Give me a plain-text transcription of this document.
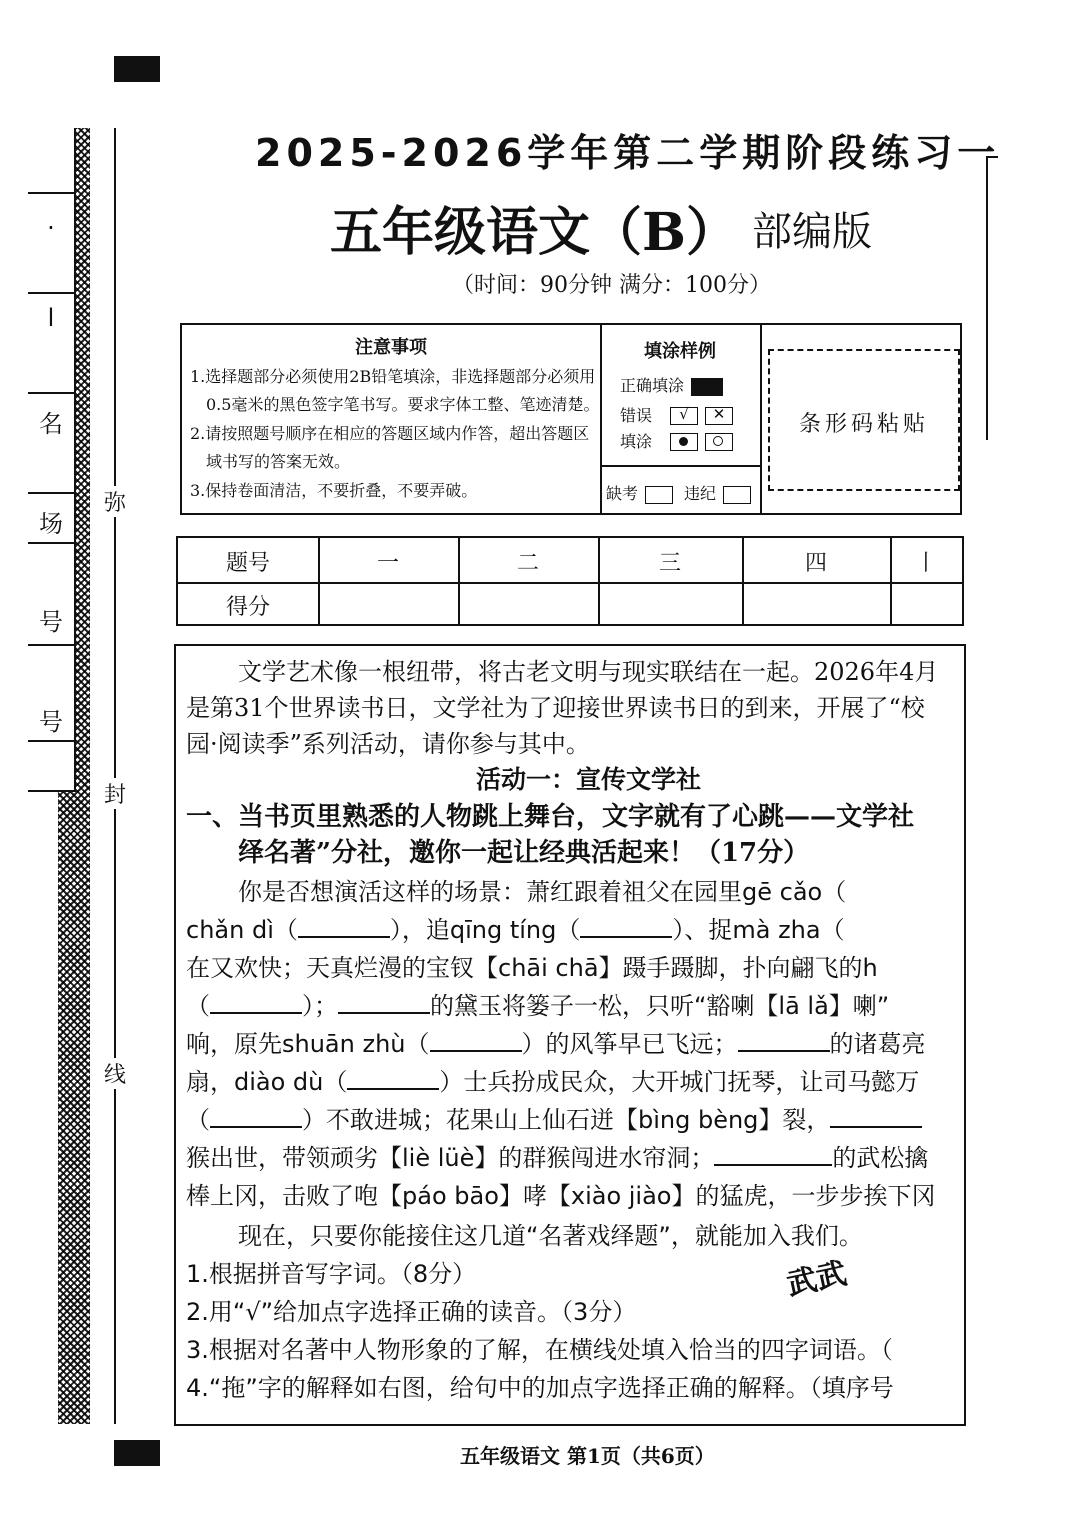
·
l
名
场
号
号
弥
封
线
2025-2026学年第二学期阶段练习一
五年级语文（B） 部编版
（时间：90分钟 满分：100分）
注意事项
1.选择题部分必须使用2B铅笔填涂，非选择题部分必须用
0.5毫米的黑色签字笔书写。要求字体工整、笔迹清楚。
2.请按照题号顺序在相应的答题区域内作答，超出答题区
域书写的答案无效。
3.保持卷面清洁，不要折叠，不要弄破。
填涂样例
正确填涂
错误
填涂
√
	✕

缺考	违纪
条形码粘贴
题号	一	二	三	四	丨
得分
文学艺术像一根纽带，将古老文明与现实联结在一起。2026年4月
是第31个世界读书日，文学社为了迎接世界读书日的到来，开展了“校
园·阅读季”系列活动，请你参与其中。
活动一：宣传文学社
一、当书页里熟悉的人物跳上舞台，文字就有了心跳——文学社
绎名著”分社，邀你一起让经典活起来！（17分）
你是否想演活这样的场景：萧红跟着祖父在园里gē cǎo（
chǎn dì（	），追qīng tíng（	）、捉mà zha（
在又欢快；天真烂漫的宝钗【chāi chā】蹑手蹑脚，扑向翩飞的h
（	）；	的黛玉将篓子一松，只听“豁喇【lā lǎ】喇”
响，原先shuān zhù（	）的风筝早已飞远；	的诸葛亮
扇，diào dù（	）士兵扮成民众，大开城门抚琴，让司马懿万
（	）不敢进城；花果山上仙石迸【bìng bèng】裂，
猴出世，带领顽劣【liè lüè】的群猴闯进水帘洞；	的武松擒
棒上冈，击败了咆【páo bāo】哮【xiào jiào】的猛虎，一步步挨下冈
现在，只要你能接住这几道“名著戏绎题”，就能加入我们。
1.根据拼音写字词。（8分）
2.用“√”给加点字选择正确的读音。（3分）
3.根据对名著中人物形象的了解，在横线处填入恰当的四字词语。（
4.“拖”字的解释如右图，给句中的加点字选择正确的解释。（填序号
武武
五年级语文 第1页（共6页）
